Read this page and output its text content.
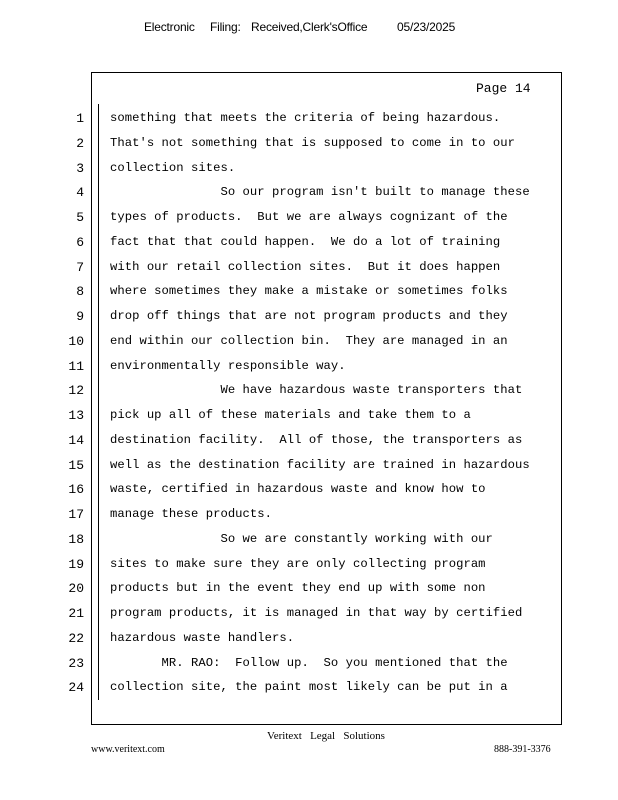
Electronic

Filing:

Received,Clerk'sOffice

05/23/2025

Page 14
1
2
3
4
5
6
7
8
9
10
11
12
13
14
15
16
17
18
19
20
21
22
23
24
something that meets the criteria of being hazardous.
That's not something that is supposed to come in to our
collection sites.
So our program isn't built to manage these
types of products.  But we are always cognizant of the
fact that that could happen.  We do a lot of training
with our retail collection sites.  But it does happen
where sometimes they make a mistake or sometimes folks
drop off things that are not program products and they
end within our collection bin.  They are managed in an
environmentally responsible way.
We have hazardous waste transporters that
pick up all of these materials and take them to a
destination facility.  All of those, the transporters as
well as the destination facility are trained in hazardous
waste, certified in hazardous waste and know how to
manage these products.
So we are constantly working with our
sites to make sure they are only collecting program
products but in the event they end up with some non
program products, it is managed in that way by certified
hazardous waste handlers.
MR. RAO:  Follow up.  So you mentioned that the
collection site, the paint most likely can be put in a
Veritext   Legal   Solutions
www.veritext.com	888-391-3376
